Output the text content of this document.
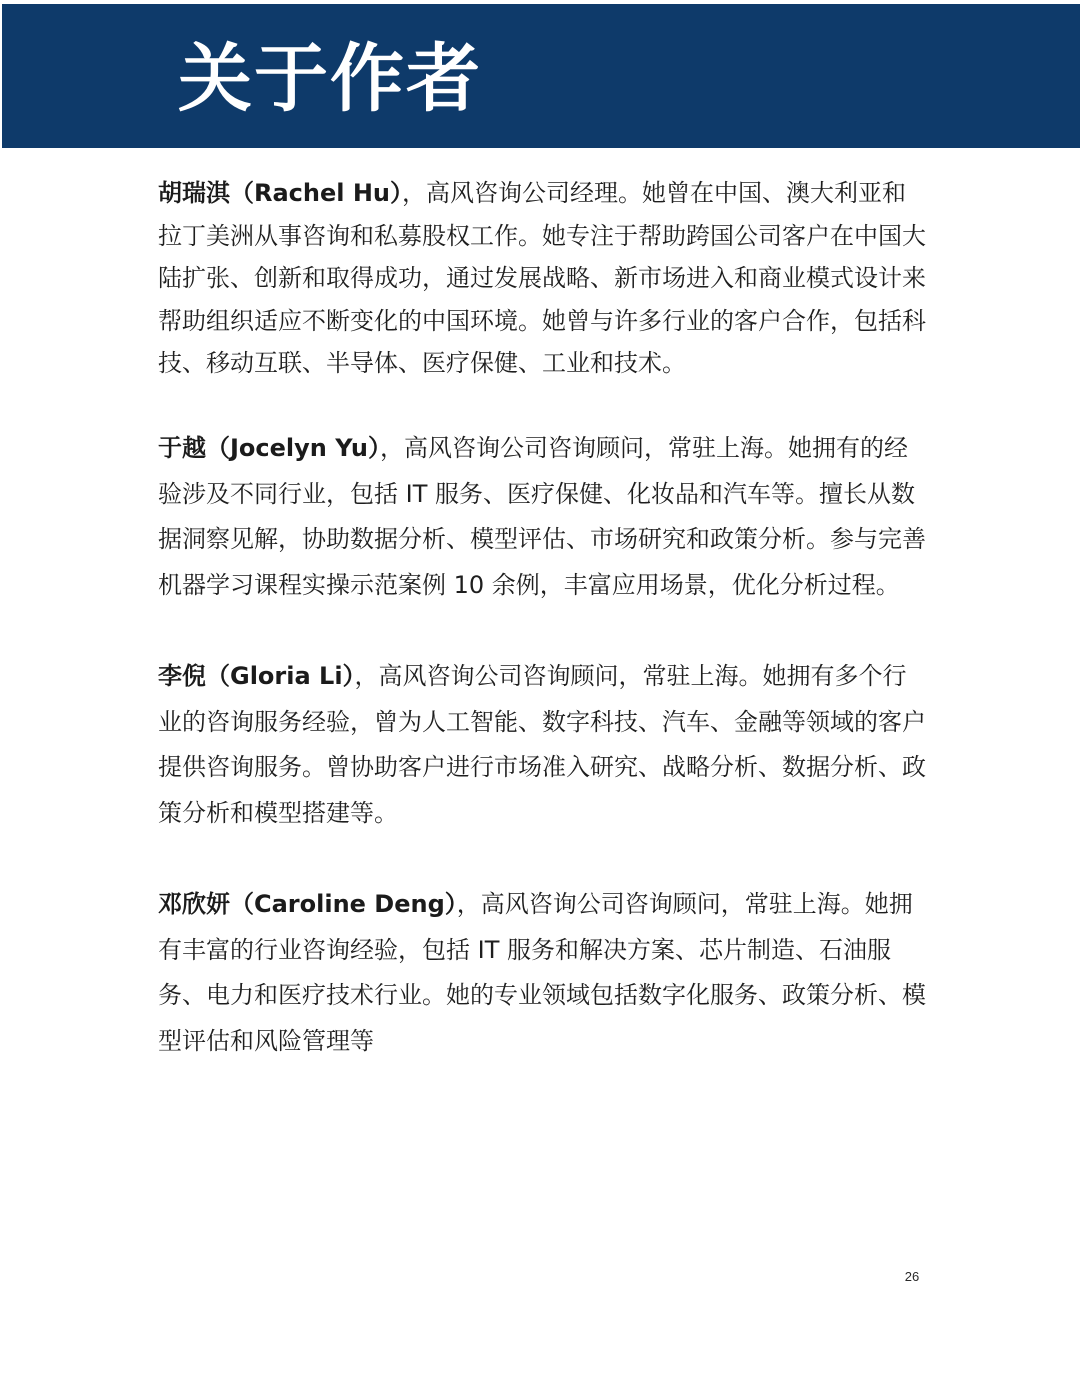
关于作者

胡瑞淇（Rachel Hu），高风咨询公司经理。她曾在中国、澳大利亚和拉丁美洲从事咨询和私募股权工作。她专注于帮助跨国公司客户在中国大陆扩张、创新和取得成功，通过发展战略、新市场进入和商业模式设计来帮助组织适应不断变化的中国环境。她曾与许多行业的客户合作，包括科技、移动互联、半导体、医疗保健、工业和技术。

于越（Jocelyn Yu），高风咨询公司咨询顾问，常驻上海。她拥有的经验涉及不同行业，包括 IT 服务、医疗保健、化妆品和汽车等。擅长从数据洞察见解，协助数据分析、模型评估、市场研究和政策分析。参与完善机器学习课程实操示范案例 10 余例，丰富应用场景，优化分析过程。

李倪（Gloria Li），高风咨询公司咨询顾问，常驻上海。她拥有多个行业的咨询服务经验，曾为人工智能、数字科技、汽车、金融等领域的客户提供咨询服务。曾协助客户进行市场准入研究、战略分析、数据分析、政策分析和模型搭建等。

邓欣妍（Caroline Deng），高风咨询公司咨询顾问，常驻上海。她拥有丰富的行业咨询经验，包括 IT 服务和解决方案、芯片制造、石油服务、电力和医疗技术行业。她的专业领域包括数字化服务、政策分析、模型评估和风险管理等

26
